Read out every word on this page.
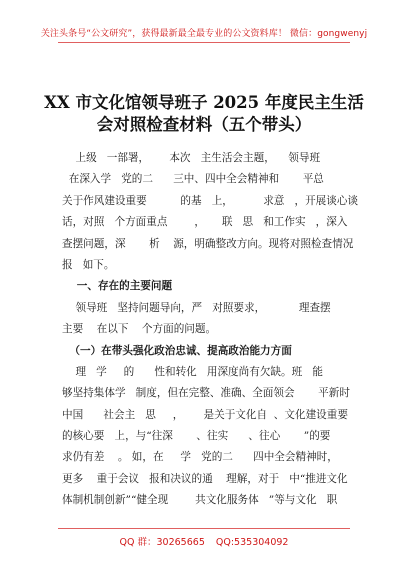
关注头条号“公文研究”，获得最新最全最专业的公文资料库！ 微信：gongwenyj
XX 市文化馆领导班子 2025 年度民主生活
会对照检查材料（五个带头）
上级   一部署，      本次   主生活会主题，    领导班
在深入学   党的二      三中、四中全会精神和       平总
关于作风建设重要          的基   上，         求意   ，开展谈心谈
话，对照   个方面重点        ，     联   思   和工作实   ，深入
查摆问题，深       析    源，明确整改方向。现将对照检查情况
报   如下。
一、存在的主要问题
领导班   坚持问题导向，严   对照要求，          理查摆
主要    在以下    个方面的问题。
（一）在带头强化政治忠诚、提高政治能力方面
理   学     的      性和转化   用深度尚有欠缺。班   能
够坚持集体学   制度，但在完整、准确、全面领会       平新时
中国      社会主   思     ，      是关于文化自  、文化建设重要
的核心要   上，与“往深       、往实      、往心       ”的要
求仍有差    。 如，在     学   党的二      四中全会精神时，
更多    重于会议   报和决议的通    理解，对于   中“推进文化
体制机制创新”“健全现        共文化服务体   ”等与文化   职
QQ 群：30265665 QQ:535304092
